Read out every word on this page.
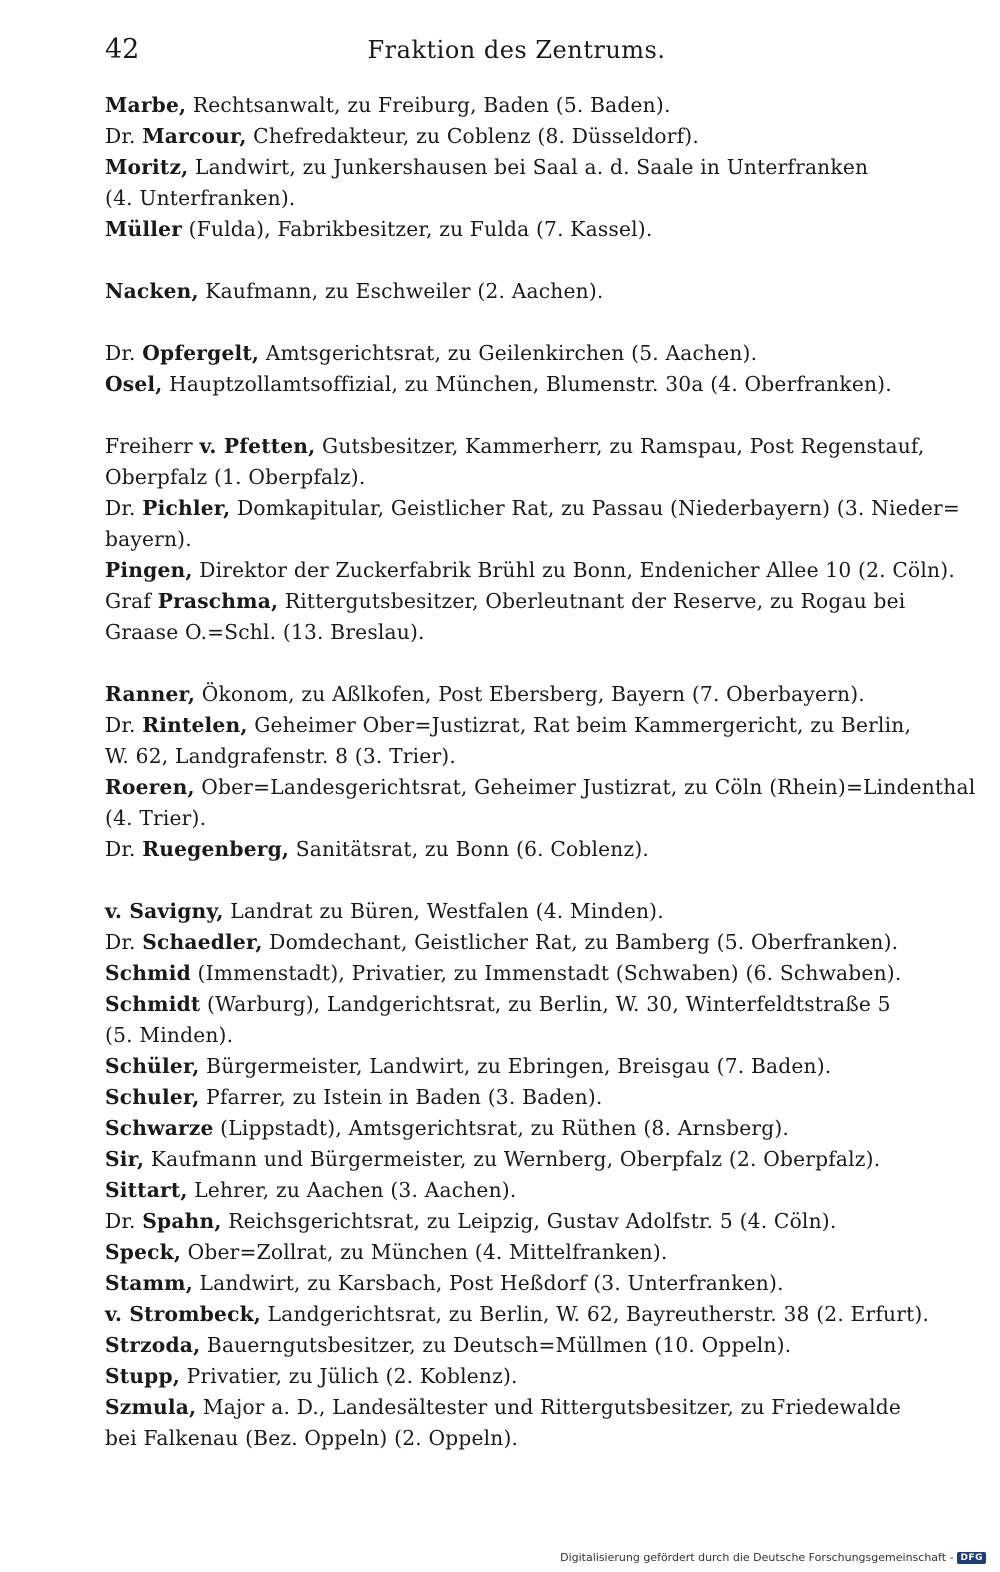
42	Fraktion des Zentrums.
Marbe, Rechtsanwalt, zu Freiburg, Baden (5. Baden).
Dr. Marcour, Chefredakteur, zu Coblenz (8. Düsseldorf).
Moritz, Landwirt, zu Junkershausen bei Saal a. d. Saale in Unterfranken
(4. Unterfranken).
Müller (Fulda), Fabrikbesitzer, zu Fulda (7. Kassel).
Nacken, Kaufmann, zu Eschweiler (2. Aachen).
Dr. Opfergelt, Amtsgerichtsrat, zu Geilenkirchen (5. Aachen).
Osel, Hauptzollamtsoffizial, zu München, Blumenstr. 30a (4. Oberfranken).
Freiherr v. Pfetten, Gutsbesitzer, Kammerherr, zu Ramspau, Post Regenstauf,
Oberpfalz (1. Oberpfalz).
Dr. Pichler, Domkapitular, Geistlicher Rat, zu Passau (Niederbayern) (3. Nieder=
bayern).
Pingen, Direktor der Zuckerfabrik Brühl zu Bonn, Endenicher Allee 10 (2. Cöln).
Graf Praschma, Rittergutsbesitzer, Oberleutnant der Reserve, zu Rogau bei
Graase O.=Schl. (13. Breslau).
Ranner, Ökonom, zu Aßlkofen, Post Ebersberg, Bayern (7. Oberbayern).
Dr. Rintelen, Geheimer Ober=Justizrat, Rat beim Kammergericht, zu Berlin,
W. 62, Landgrafenstr. 8 (3. Trier).
Roeren, Ober=Landesgerichtsrat, Geheimer Justizrat, zu Cöln (Rhein)=Lindenthal
(4. Trier).
Dr. Ruegenberg, Sanitätsrat, zu Bonn (6. Coblenz).
v. Savigny, Landrat zu Büren, Westfalen (4. Minden).
Dr. Schaedler, Domdechant, Geistlicher Rat, zu Bamberg (5. Oberfranken).
Schmid (Immenstadt), Privatier, zu Immenstadt (Schwaben) (6. Schwaben).
Schmidt (Warburg), Landgerichtsrat, zu Berlin, W. 30, Winterfeldtstraße 5
(5. Minden).
Schüler, Bürgermeister, Landwirt, zu Ebringen, Breisgau (7. Baden).
Schuler, Pfarrer, zu Istein in Baden (3. Baden).
Schwarze (Lippstadt), Amtsgerichtsrat, zu Rüthen (8. Arnsberg).
Sir, Kaufmann und Bürgermeister, zu Wernberg, Oberpfalz (2. Oberpfalz).
Sittart, Lehrer, zu Aachen (3. Aachen).
Dr. Spahn, Reichsgerichtsrat, zu Leipzig, Gustav Adolfstr. 5 (4. Cöln).
Speck, Ober=Zollrat, zu München (4. Mittelfranken).
Stamm, Landwirt, zu Karsbach, Post Heßdorf (3. Unterfranken).
v. Strombeck, Landgerichtsrat, zu Berlin, W. 62, Bayreutherstr. 38 (2. Erfurt).
Strzoda, Bauerngutsbesitzer, zu Deutsch=Müllmen (10. Oppeln).
Stupp, Privatier, zu Jülich (2. Koblenz).
Szmula, Major a. D., Landesältester und Rittergutsbesitzer, zu Friedewalde
bei Falkenau (Bez. Oppeln) (2. Oppeln).
Digitalisierung gefördert durch die Deutsche Forschungsgemeinschaft - DFG
